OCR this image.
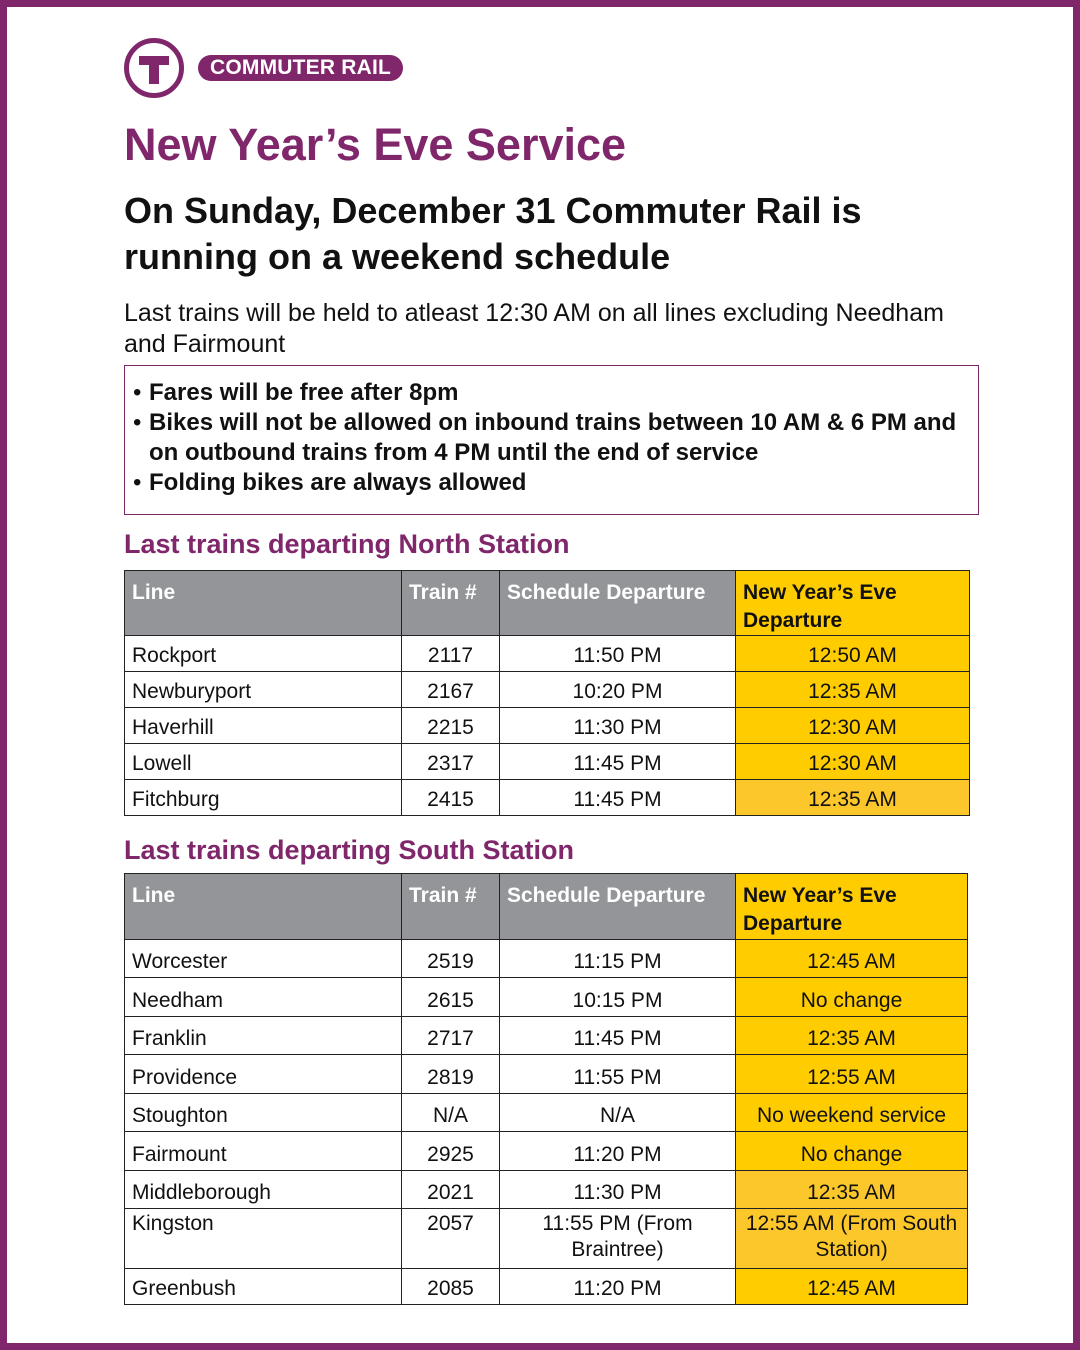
COMMUTER RAIL
New Year’s Eve Service
On Sunday, December 31 Commuter Rail is running on a weekend schedule

Last trains will be held to atleast 12:30 AM on all lines excluding Needham and Fairmount

• Fares will be free after 8pm
• Bikes will not be allowed on inbound trains between 10 AM & 6 PM and on outbound trains from 4 PM until the end of service
• Folding bikes are always allowed
Last trains departing North Station
Line	Train #	Schedule Departure	New Year’s Eve Departure
Rockport	2117	11:50 PM	12:50 AM
Newburyport	2167	10:20 PM	12:35 AM
Haverhill	2215	11:30 PM	12:30 AM
Lowell	2317	11:45 PM	12:30 AM
Fitchburg	2415	11:45 PM	12:35 AM
Last trains departing South Station
Line	Train #	Schedule Departure	New Year’s Eve Departure
Worcester	2519	11:15 PM	12:45 AM
Needham	2615	10:15 PM	No change
Franklin	2717	11:45 PM	12:35 AM
Providence	2819	11:55 PM	12:55 AM
Stoughton	N/A	N/A	No weekend service
Fairmount	2925	11:20 PM	No change
Middleborough	2021	11:30 PM	12:35 AM
Kingston	2057	11:55 PM (From Braintree)	12:55 AM (From South Station)
Greenbush	2085	11:20 PM	12:45 AM
